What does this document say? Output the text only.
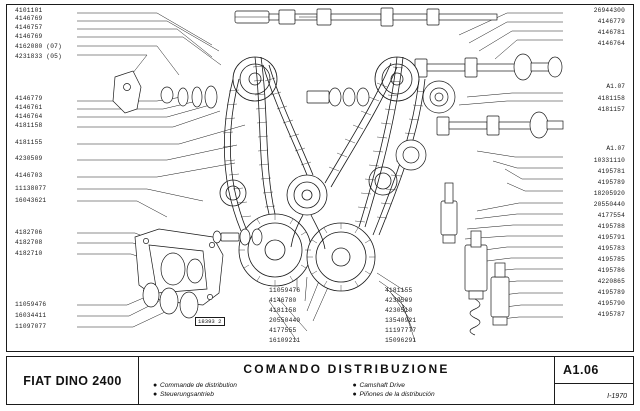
4101101
4146769
4146757
4146769
4162080 (07)
4231833 (05)
4146779
4146761
4146764
4181158
4181155
4230509
4146703
11138077
16043621
4182706
4182708
4182710
11059476
16034411
11097077
26944300
4146779
4146781
4146764
A1.07
4181158
4181157
A1.07
10331110
4195781
4195789
18205920
20550440
4177554
4195788
4195791
4195783
4195785
4195786
4220865
4195789
4195790
4195787
11059476
4146780
4181158
20550440
4177555
16109211
4181155
4230509
4230510
13540921
11197777
15096291
18393 2
FIAT DINO 2400
COMANDO DISTRIBUZIONE
● Commande de distribution
● Steuerungsantrieb
● Camshaft Drive
● Piñones de la distribución
A1.06
I-1970
